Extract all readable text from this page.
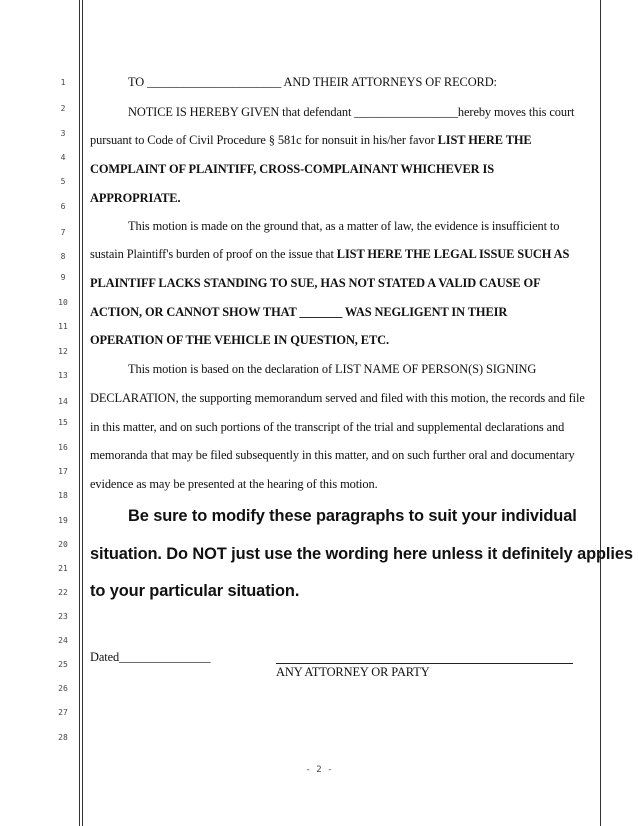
1
2
3
4
5
6
7
8
9
10
11
12
13
14
15
16
17
18
19
20
21
22
23
24
25
26
27
28
TO ______________________ AND THEIR ATTORNEYS OF RECORD:
NOTICE IS HEREBY GIVEN that defendant _________________hereby moves this court
pursuant to Code of Civil Procedure § 581c for nonsuit in his/her favor LIST HERE THE
COMPLAINT OF PLAINTIFF, CROSS-COMPLAINANT WHICHEVER IS
APPROPRIATE.
This motion is made on the ground that, as a matter of law, the evidence is insufficient to
sustain Plaintiff's burden of proof on the issue that LIST HERE THE LEGAL ISSUE SUCH AS
PLAINTIFF LACKS STANDING TO SUE, HAS NOT STATED A VALID CAUSE OF
ACTION, OR CANNOT SHOW THAT _______ WAS NEGLIGENT IN THEIR
OPERATION OF THE VEHICLE IN QUESTION, ETC.
This motion is based on the declaration of LIST NAME OF PERSON(S) SIGNING
DECLARATION, the supporting memorandum served and filed with this motion, the records and file
in this matter, and on such portions of the transcript of the trial and supplemental declarations and
memoranda that may be filed subsequently in this matter, and on such further oral and documentary
evidence as may be presented at the hearing of this motion.
Be sure to modify these paragraphs to suit your individual
situation. Do NOT just use the wording here unless it definitely applies
to your particular situation.
Dated_______________
ANY ATTORNEY OR PARTY
- 2 -
